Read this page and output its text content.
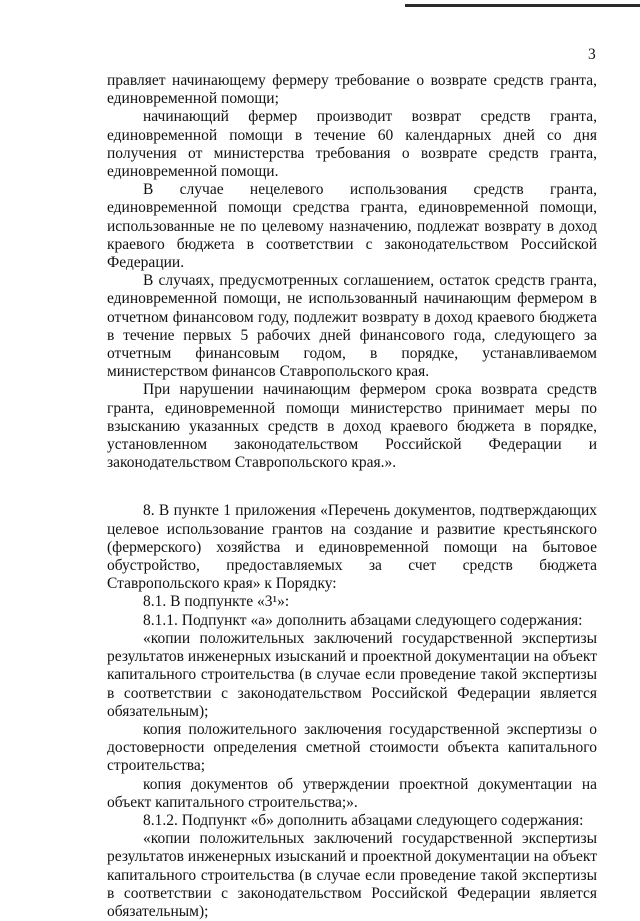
3

правляет начинающему фермеру требование о возврате средств гранта, единовременной помощи;

начинающий фермер производит возврат средств гранта, единовременной помощи в течение 60 календарных дней со дня получения от министерства требования о возврате средств гранта, единовременной помощи.

В случае нецелевого использования средств гранта, единовременной помощи средства гранта, единовременной помощи, использованные не по целевому назначению, подлежат возврату в доход краевого бюджета в соответствии с законодательством Российской Федерации.

В случаях, предусмотренных соглашением, остаток средств гранта, единовременной помощи, не использованный начинающим фермером в отчетном финансовом году, подлежит возврату в доход краевого бюджета в течение первых 5 рабочих дней финансового года, следующего за отчетным финансовым годом, в порядке, устанавливаемом министерством финансов Ставропольского края.

При нарушении начинающим фермером срока возврата средств гранта, единовременной помощи министерство принимает меры по взысканию указанных средств в доход краевого бюджета в порядке, установленном законодательством Российской Федерации и законодательством Ставропольского края.».

8. В пункте 1 приложения «Перечень документов, подтверждающих целевое использование грантов на создание и развитие крестьянского (фермерского) хозяйства и единовременной помощи на бытовое обустройство, предоставляемых за счет средств бюджета Ставропольского края» к Порядку:

8.1. В подпункте «3¹»:

8.1.1. Подпункт «а» дополнить абзацами следующего содержания:

«копии положительных заключений государственной экспертизы результатов инженерных изысканий и проектной документации на объект капитального строительства (в случае если проведение такой экспертизы в соответствии с законодательством Российской Федерации является обязательным);

копия положительного заключения государственной экспертизы о достоверности определения сметной стоимости объекта капитального строительства;

копия документов об утверждении проектной документации на объект капитального строительства;».

8.1.2. Подпункт «б» дополнить абзацами следующего содержания:

«копии положительных заключений государственной экспертизы результатов инженерных изысканий и проектной документации на объект капитального строительства (в случае если проведение такой экспертизы в соответствии с законодательством Российской Федерации является обязательным);
